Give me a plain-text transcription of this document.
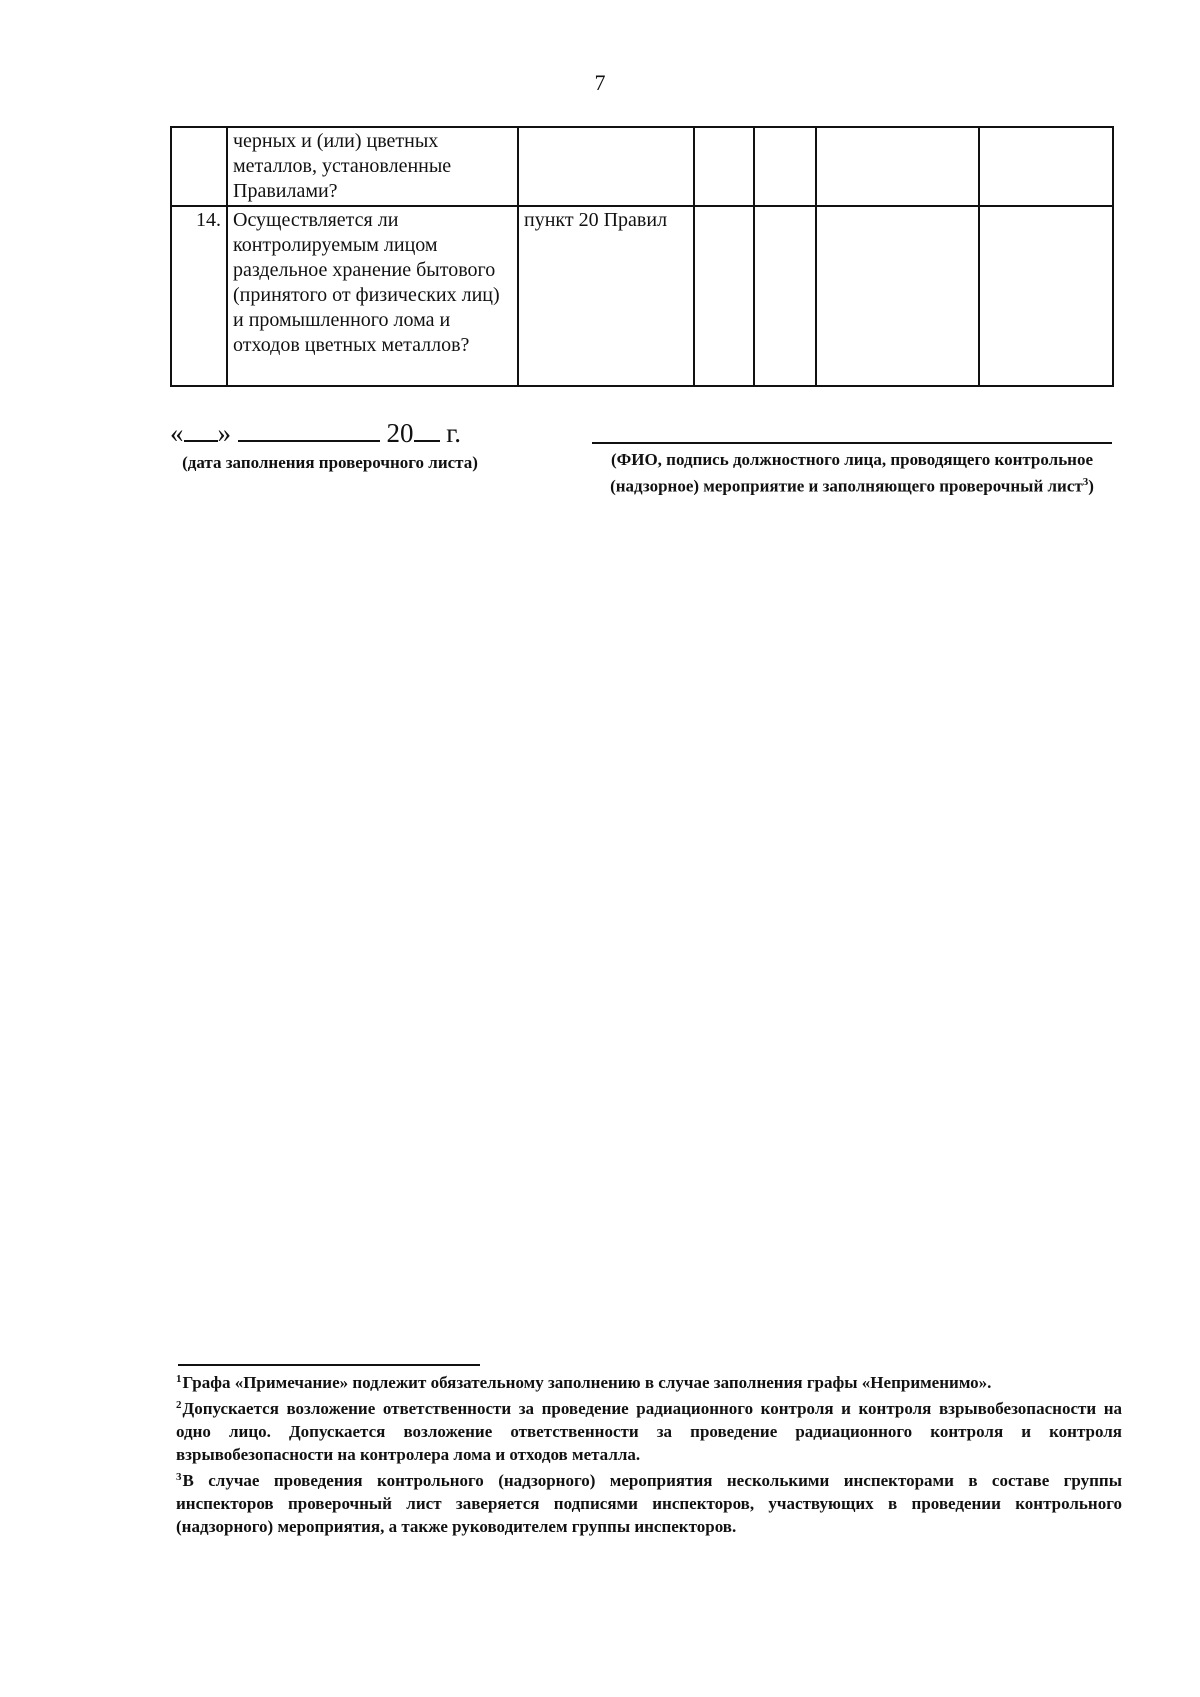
7
	черных и (или) цветных металлов, установленные Правилами?					
14.	Осуществляется ли контролируемым лицом раздельное хранение бытового (принятого от физических лиц) и промышленного лома и отходов цветных металлов?	пункт 20 Правил				
« »	20 г.
(дата заполнения проверочного листа)	(ФИО, подпись должностного лица, проводящего контрольное (надзорное) мероприятие и заполняющего проверочный лист$^3$)
$^1$Графа «Примечание» подлежит обязательному заполнению в случае заполнения графы «Неприменимо».
$^2$Допускается возложение ответственности за проведение радиационного контроля и контроля взрывобезопасности на одно лицо. Допускается возложение ответственности за проведение радиационного контроля и контроля взрывобезопасности на контролера лома и отходов металла.
$^3$В случае проведения контрольного (надзорного) мероприятия несколькими инспекторами в составе группы инспекторов проверочный лист заверяется подписями инспекторов, участвующих в проведении контрольного (надзорного) мероприятия, а также руководителем группы инспекторов.
